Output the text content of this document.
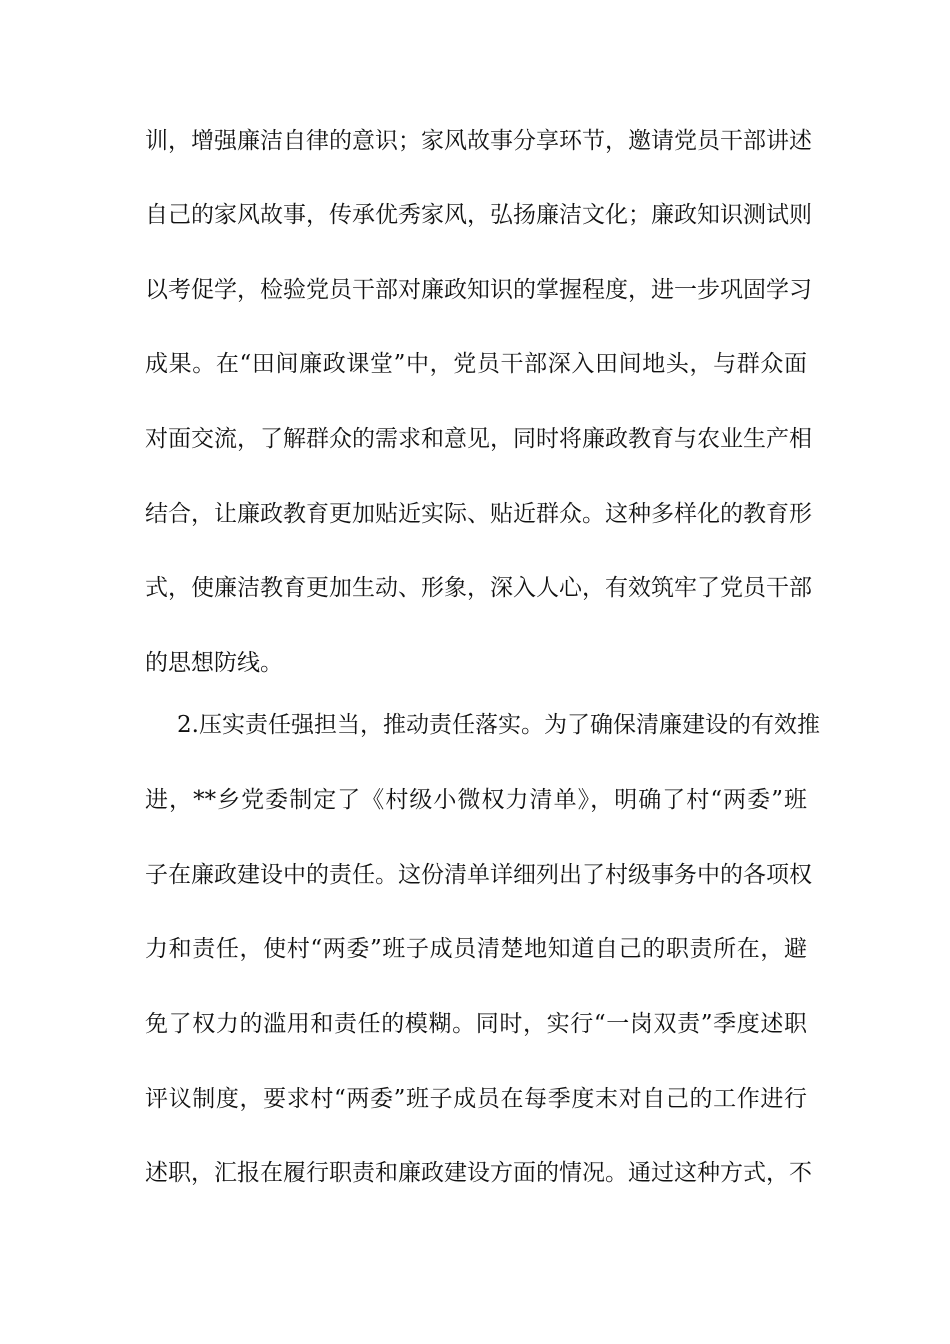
训，增强廉洁自律的意识；家风故事分享环节，邀请党员干部讲述
自己的家风故事，传承优秀家风，弘扬廉洁文化；廉政知识测试则
以考促学，检验党员干部对廉政知识的掌握程度，进一步巩固学习
成果。在“田间廉政课堂”中，党员干部深入田间地头，与群众面
对面交流，了解群众的需求和意见，同时将廉政教育与农业生产相
结合，让廉政教育更加贴近实际、贴近群众。这种多样化的教育形
式，使廉洁教育更加生动、形象，深入人心，有效筑牢了党员干部
的思想防线。
2.压实责任强担当，推动责任落实。为了确保清廉建设的有效推
进，**乡党委制定了《村级小微权力清单》，明确了村“两委”班
子在廉政建设中的责任。这份清单详细列出了村级事务中的各项权
力和责任，使村“两委”班子成员清楚地知道自己的职责所在，避
免了权力的滥用和责任的模糊。同时，实行“一岗双责”季度述职
评议制度，要求村“两委”班子成员在每季度末对自己的工作进行
述职，汇报在履行职责和廉政建设方面的情况。通过这种方式，不
